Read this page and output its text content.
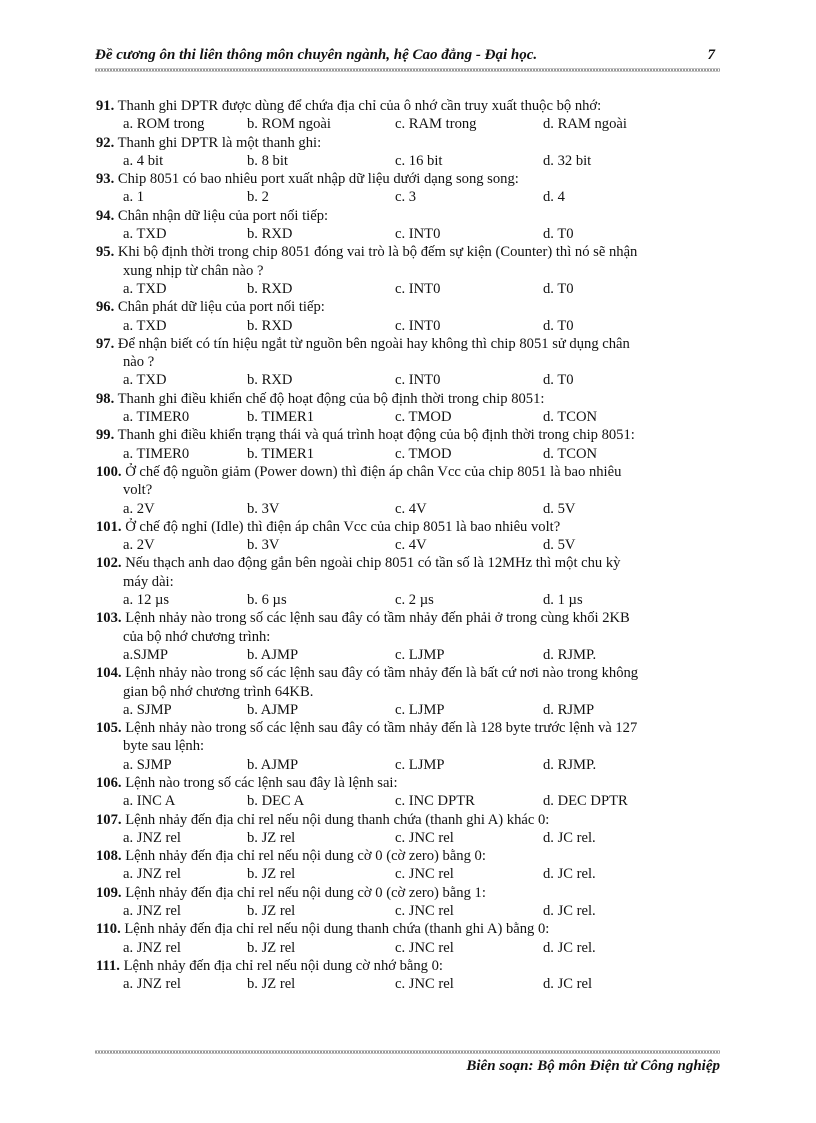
Đề cương ôn thi liên thông môn chuyên ngành, hệ Cao đẳng - Đại học.	7
91. Thanh ghi DPTR được dùng để chứa địa chỉ của ô nhớ cần truy xuất thuộc bộ nhớ:
a. ROM trong	b. ROM ngoài	c. RAM trong	d. RAM ngoài
92. Thanh ghi DPTR là một thanh ghi:
a. 4 bit	b. 8 bit	c. 16 bit	d. 32 bit
93. Chip 8051 có bao nhiêu port xuất nhập dữ liệu dưới dạng song song:
a. 1	b. 2	c. 3	d. 4
94. Chân nhận dữ liệu của port nối tiếp:
a. TXD	b. RXD	c. INT0	d. T0
95. Khi bộ định thời trong chip 8051 đóng vai trò là bộ đếm sự kiện (Counter) thì nó sẽ nhận
xung nhịp từ chân nào ?
a. TXD	b. RXD	c. INT0	d. T0
96. Chân phát dữ liệu của port nối tiếp:
a. TXD	b. RXD	c. INT0	d. T0
97. Để nhận biết có tín hiệu ngắt từ nguồn bên ngoài hay không thì chip 8051 sử dụng chân
nào ?
a. TXD	b. RXD	c. INT0	d. T0
98. Thanh ghi điều khiển chế độ hoạt động của bộ định thời trong chip 8051:
a. TIMER0	b. TIMER1	c. TMOD	d. TCON
99. Thanh ghi điều khiển trạng thái và quá trình hoạt động của bộ định thời trong chip 8051:
a. TIMER0	b. TIMER1	c. TMOD	d. TCON
100. Ở chế độ nguồn giảm (Power down) thì điện áp chân Vcc của chip 8051 là bao nhiêu
volt?
a. 2V	b. 3V	c. 4V	d. 5V
101. Ở chế độ nghỉ (Idle) thì điện áp chân Vcc của chip 8051 là bao nhiêu volt?
a. 2V	b. 3V	c. 4V	d. 5V
102. Nếu thạch anh dao động gắn bên ngoài chip 8051 có tần số là 12MHz thì một chu kỳ
máy dài:
a. 12 µs	b. 6 µs	c. 2 µs	d. 1 µs
103. Lệnh nhảy nào trong số các lệnh sau đây có tầm nhảy đến phải ở trong cùng khối 2KB
của bộ nhớ chương trình:
a.SJMP	b. AJMP	c. LJMP	d. RJMP.
104. Lệnh nhảy nào trong số các lệnh sau đây có tầm nhảy đến là bất cứ nơi nào trong không
gian bộ nhớ chương trình 64KB.
a. SJMP	b. AJMP	c. LJMP	d. RJMP
105. Lệnh nhảy nào trong số các lệnh sau đây có tầm nhảy đến là 128 byte trước lệnh và 127
byte sau lệnh:
a. SJMP	b. AJMP	c. LJMP	d. RJMP.
106. Lệnh nào trong số các lệnh sau đây là lệnh sai:
a. INC A	b. DEC A	c. INC DPTR	d. DEC DPTR
107. Lệnh nhảy đến địa chỉ rel nếu nội dung thanh chứa (thanh ghi A) khác 0:
a. JNZ rel	b. JZ rel	c. JNC rel	d. JC rel.
108. Lệnh nhảy đến địa chỉ rel nếu nội dung cờ 0 (cờ zero) bằng 0:
a. JNZ rel	b. JZ rel	c. JNC rel	d. JC rel.
109. Lệnh nhảy đến địa chỉ rel nếu nội dung cờ 0 (cờ zero) bằng 1:
a. JNZ rel	b. JZ rel	c. JNC rel	d. JC rel.
110. Lệnh nhảy đến địa chỉ rel nếu nội dung thanh chứa (thanh ghi A) bằng 0:
a. JNZ rel	b. JZ rel	c. JNC rel	d. JC rel.
111. Lệnh nhảy đến địa chỉ rel nếu nội dung cờ nhớ bằng 0:
a. JNZ rel	b. JZ rel	c. JNC rel	d. JC rel
Biên soạn: Bộ môn Điện tử Công nghiệp
